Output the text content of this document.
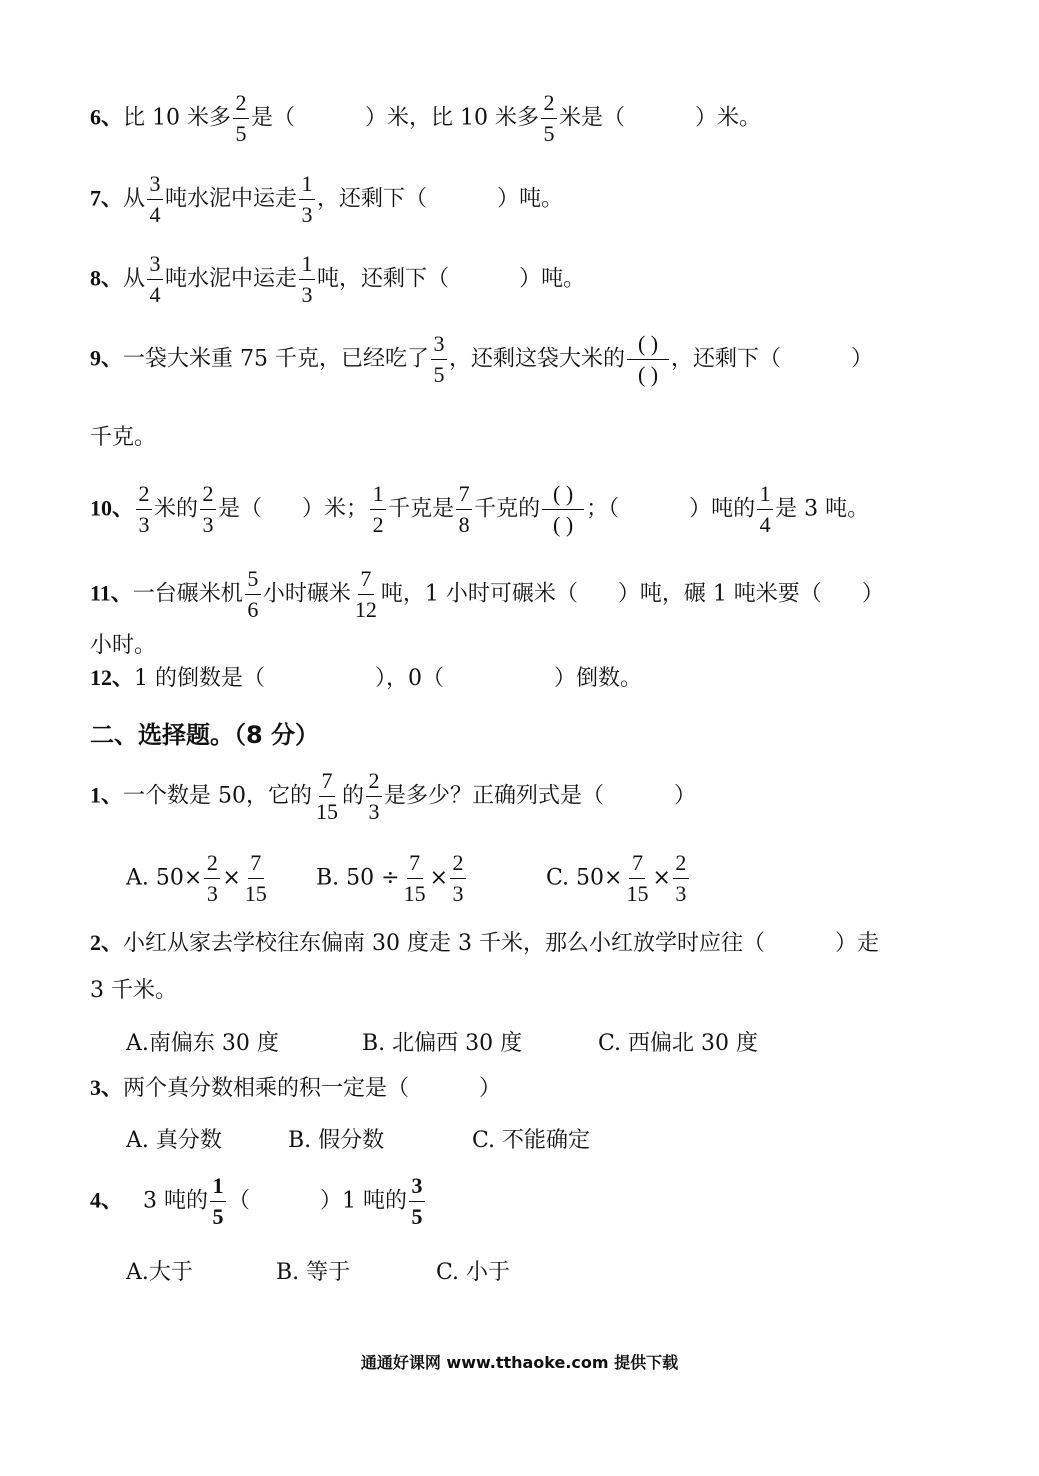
6、比 10 米多 $\frac{2}{5}$ 是（	）米，比 10 米多 $\frac{2}{5}$ 米是（	）米。
7、从 $\frac{3}{4}$ 吨水泥中运走 $\frac{1}{3}$ ，还剩下（	）吨。
8、从 $\frac{3}{4}$ 吨水泥中运走 $\frac{1}{3}$ 吨，还剩下（	）吨。
9、一袋大米重 75 千克，已经吃了 $\frac{3}{5}$ ，还剩这袋大米的 $\frac{( )}{( )}$ ，还剩下（	）
千克。
10、 $\frac{2}{3}$ 米的 $\frac{2}{3}$ 是（ ）米； $\frac{1}{2}$ 千克是 $\frac{7}{8}$ 千克的 $\frac{( )}{( )}$ ；（	）吨的 $\frac{1}{4}$ 是 3 吨。
11、一台碾米机 $\frac{5}{6}$ 小时碾米 $\frac{7}{12}$ 吨，1 小时可碾米（ ）吨，碾 1 吨米要（ ）
小时。
12、1 的倒数是（	），0（	）倒数。
二、选择题。（8 分）
1、一个数是 50，它的 $\frac{7}{15}$ 的 $\frac{2}{3}$ 是多少？正确列式是（	）
A. $50\times \frac{2}{3} \times \frac{7}{15} B$. $50 \div \frac{7}{15} \times \frac{2}{3}$	C. $50\times \frac{7}{15} \times \frac{2}{3}$
2、小红从家去学校往东偏南 30 度走 3 千米，那么小红放学时应往（	）走
3 千米。
A.南偏东 30 度	B. 北偏西 30 度	C. 西偏北 30 度
3、两个真分数相乘的积一定是（	）
A. 真分数	B. 假分数	C. 不能确定
4、 3 吨的 $\frac{1}{5}$ （	）1 吨的 $\frac{3}{5}$
A.大于	B. 等于	C. 小于
通通好课网 www.tthaoke.com 提供下载
